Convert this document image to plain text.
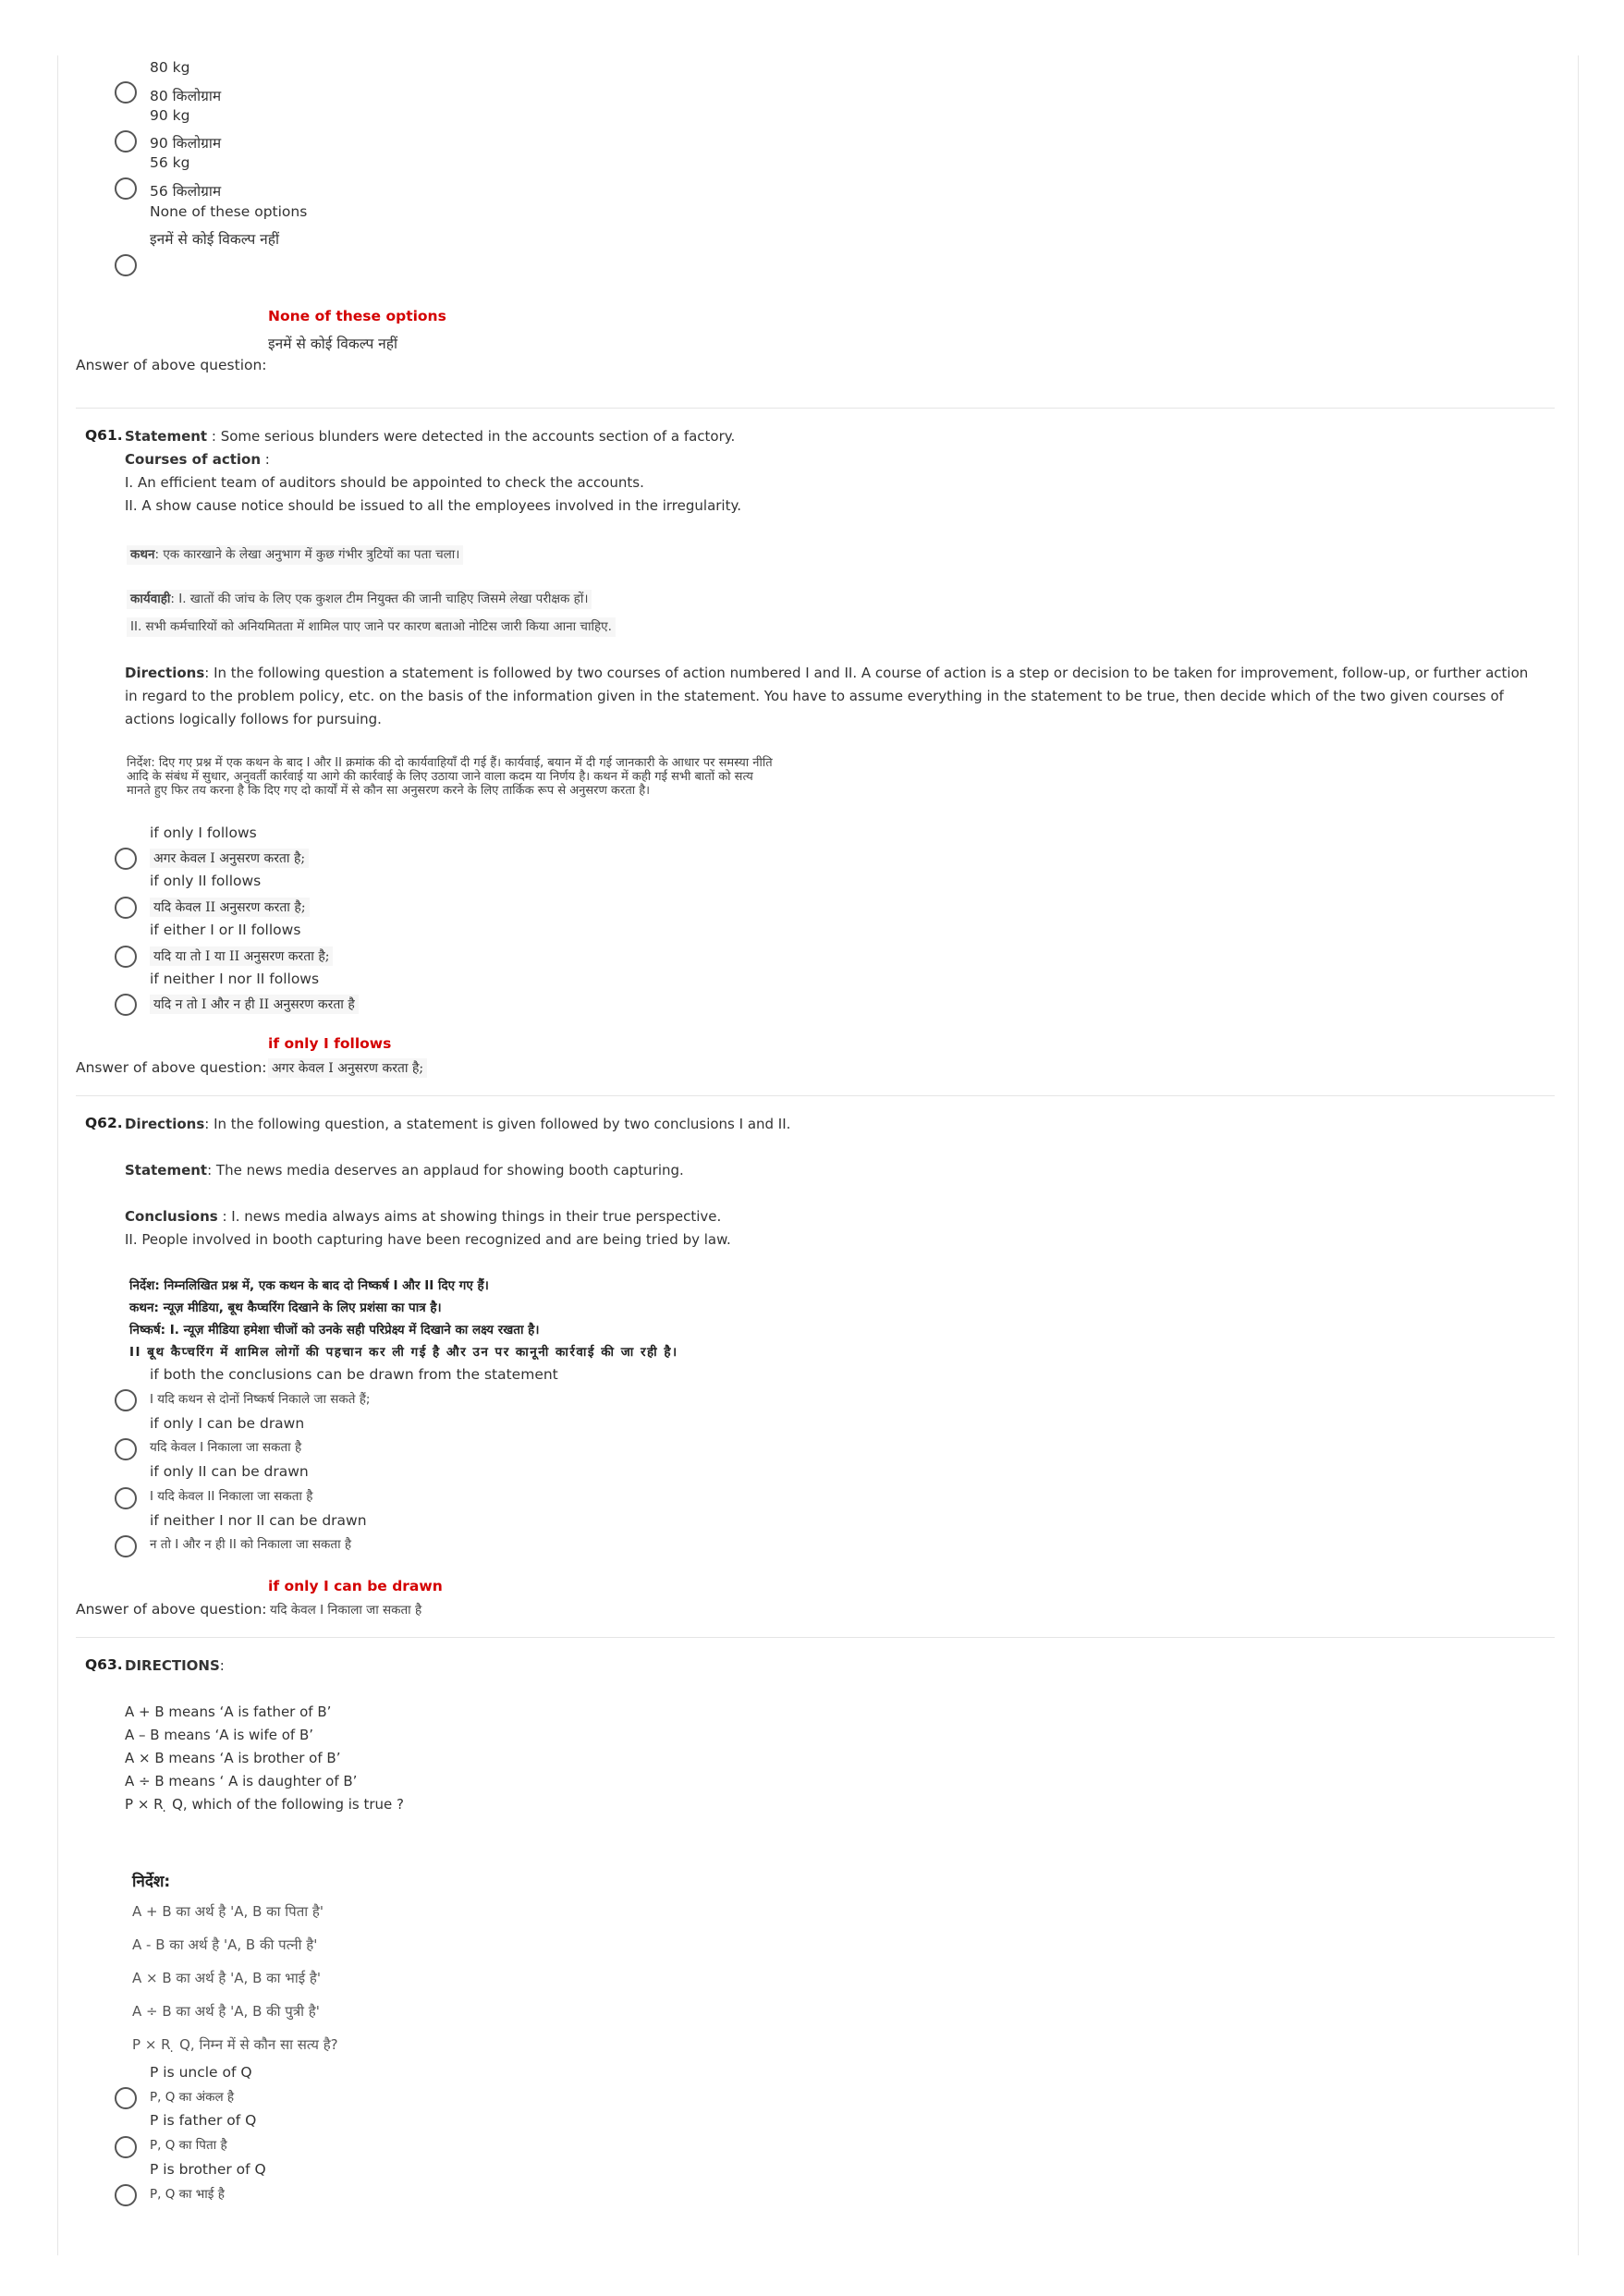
80 kg
80 किलोग्राम
90 kg
90 किलोग्राम
56 kg
56 किलोग्राम
None of these options
इनमें से कोई विकल्प नहीं
None of these options
इनमें से कोई विकल्प नहीं
Answer of above question:
Q61. Statement : Some serious blunders were detected in the accounts section of a factory.
Courses of action :
I. An efficient team of auditors should be appointed to check the accounts.
II. A show cause notice should be issued to all the employees involved in the irregularity.
कथन: एक कारखाने के लेखा अनुभाग में कुछ गंभीर त्रुटियों का पता चला।
कार्यवाही: I. खातों की जांच के लिए एक कुशल टीम नियुक्त की जानी चाहिए जिसमे लेखा परीक्षक हों।
II. सभी कर्मचारियों को अनियमितता में शामिल पाए जाने पर कारण बताओ नोटिस जारी किया आना चाहिए.
Directions: In the following question a statement is followed by two courses of action numbered I and II. A course of action is a step or decision to be taken for improvement, follow-up, or further action in regard to the problem policy, etc. on the basis of the information given in the statement. You have to assume everything in the statement to be true, then decide which of the two given courses of actions logically follows for pursuing.
निर्देश: दिए गए प्रश्न में एक कथन के बाद I और II क्रमांक की दो कार्यवाहियाँ दी गई हैं। कार्यवाई, बयान में दी गई जानकारी के आधार पर समस्या नीति आदि के संबंध में सुधार, अनुवर्ती कार्रवाई या आगे की कार्रवाई के लिए उठाया जाने वाला कदम या निर्णय है। कथन में कही गई सभी बातों को सत्य मानते हुए फिर तय करना है कि दिए गए दो कार्यों में से कौन सा अनुसरण करने के लिए तार्किक रूप से अनुसरण करता है।
if only I follows
अगर केवल I अनुसरण करता है;
if only II follows
यदि केवल II अनुसरण करता है;
if either I or II follows
यदि या तो I या II अनुसरण करता है;
if neither I nor II follows
यदि न तो I और न ही II अनुसरण करता है
if only I follows
Answer of above question: अगर केवल I अनुसरण करता है;
Q62. Directions: In the following question, a statement is given followed by two conclusions I and II.
Statement: The news media deserves an applaud for showing booth capturing.
Conclusions : I. news media always aims at showing things in their true perspective.
II. People involved in booth capturing have been recognized and are being tried by law.
निर्देश: निम्नलिखित प्रश्न में, एक कथन के बाद दो निष्कर्ष I और II दिए गए हैं।
कथन: न्यूज़ मीडिया, बूथ कैप्चरिंग दिखाने के लिए प्रशंसा का पात्र है।
निष्कर्ष: I. न्यूज़ मीडिया हमेशा चीजों को उनके सही परिप्रेक्ष्य में दिखाने का लक्ष्य रखता है।
II बूथ कैप्चरिंग में शामिल लोगों की पहचान कर ली गई है और उन पर कानूनी कार्रवाई की जा रही है।
if both the conclusions can be drawn from the statement
I यदि कथन से दोनों निष्कर्ष निकाले जा सकते हैं;
if only I can be drawn
यदि केवल I निकाला जा सकता है
if only II can be drawn
I यदि केवल II निकाला जा सकता है
if neither I nor II can be drawn
न तो I और न ही II को निकाला जा सकता है
if only I can be drawn
Answer of above question: यदि केवल I निकाला जा सकता है
Q63. DIRECTIONS:
A + B means ‘A is father of B’
A – B means ‘A is wife of B’
A × B means ‘A is brother of B’
A ÷ B means ‘ A is daughter of B’
P × R ̣ Q, which of the following is true ?
निर्देश:
A + B का अर्थ है 'A, B का पिता है'
A - B का अर्थ है 'A, B की पत्नी है'
A × B का अर्थ है 'A, B का भाई है'
A ÷ B का अर्थ है 'A, B की पुत्री है'
P × R ̣ Q, निम्न में से कौन सा सत्य है?
P is uncle of Q
P, Q का अंकल है
P is father of Q
P, Q का पिता है
P is brother of Q
P, Q का भाई है
